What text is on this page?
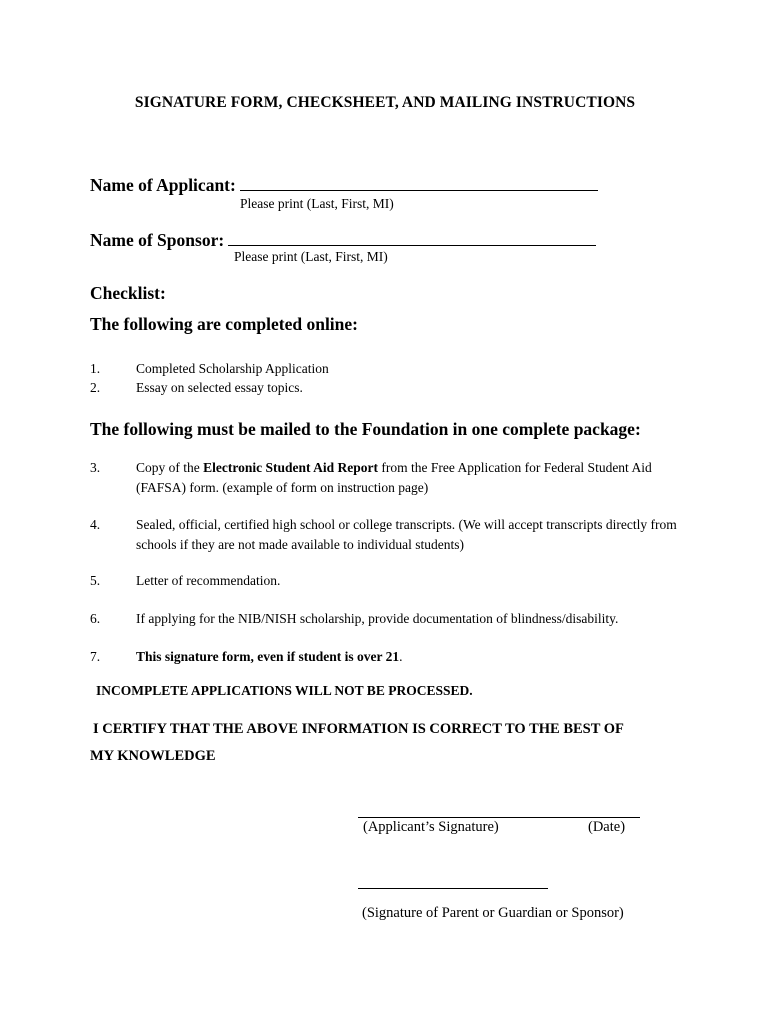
SIGNATURE FORM, CHECKSHEET, AND MAILING INSTRUCTIONS
Name of Applicant:
Please print (Last, First, MI)
Name of Sponsor:
Please print (Last, First, MI)
Checklist:
The following are completed online:
1.	Completed Scholarship Application
2.	Essay on selected essay topics.
The following must be mailed to the Foundation in one complete package:
3.	Copy of the Electronic Student Aid Report from the Free Application for Federal Student Aid (FAFSA) form. (example of form on instruction page)
4.	Sealed, official, certified high school or college transcripts. (We will accept transcripts directly from schools if they are not made available to individual students)
5.	Letter of recommendation.
6.	If applying for the NIB/NISH scholarship, provide documentation of blindness/disability.
7.	This signature form, even if student is over 21.
INCOMPLETE APPLICATIONS WILL NOT BE PROCESSED.
I CERTIFY THAT THE ABOVE INFORMATION IS CORRECT TO THE BEST OF
MY KNOWLEDGE
(Applicant’s Signature)	(Date)
(Signature of Parent or Guardian or Sponsor)
